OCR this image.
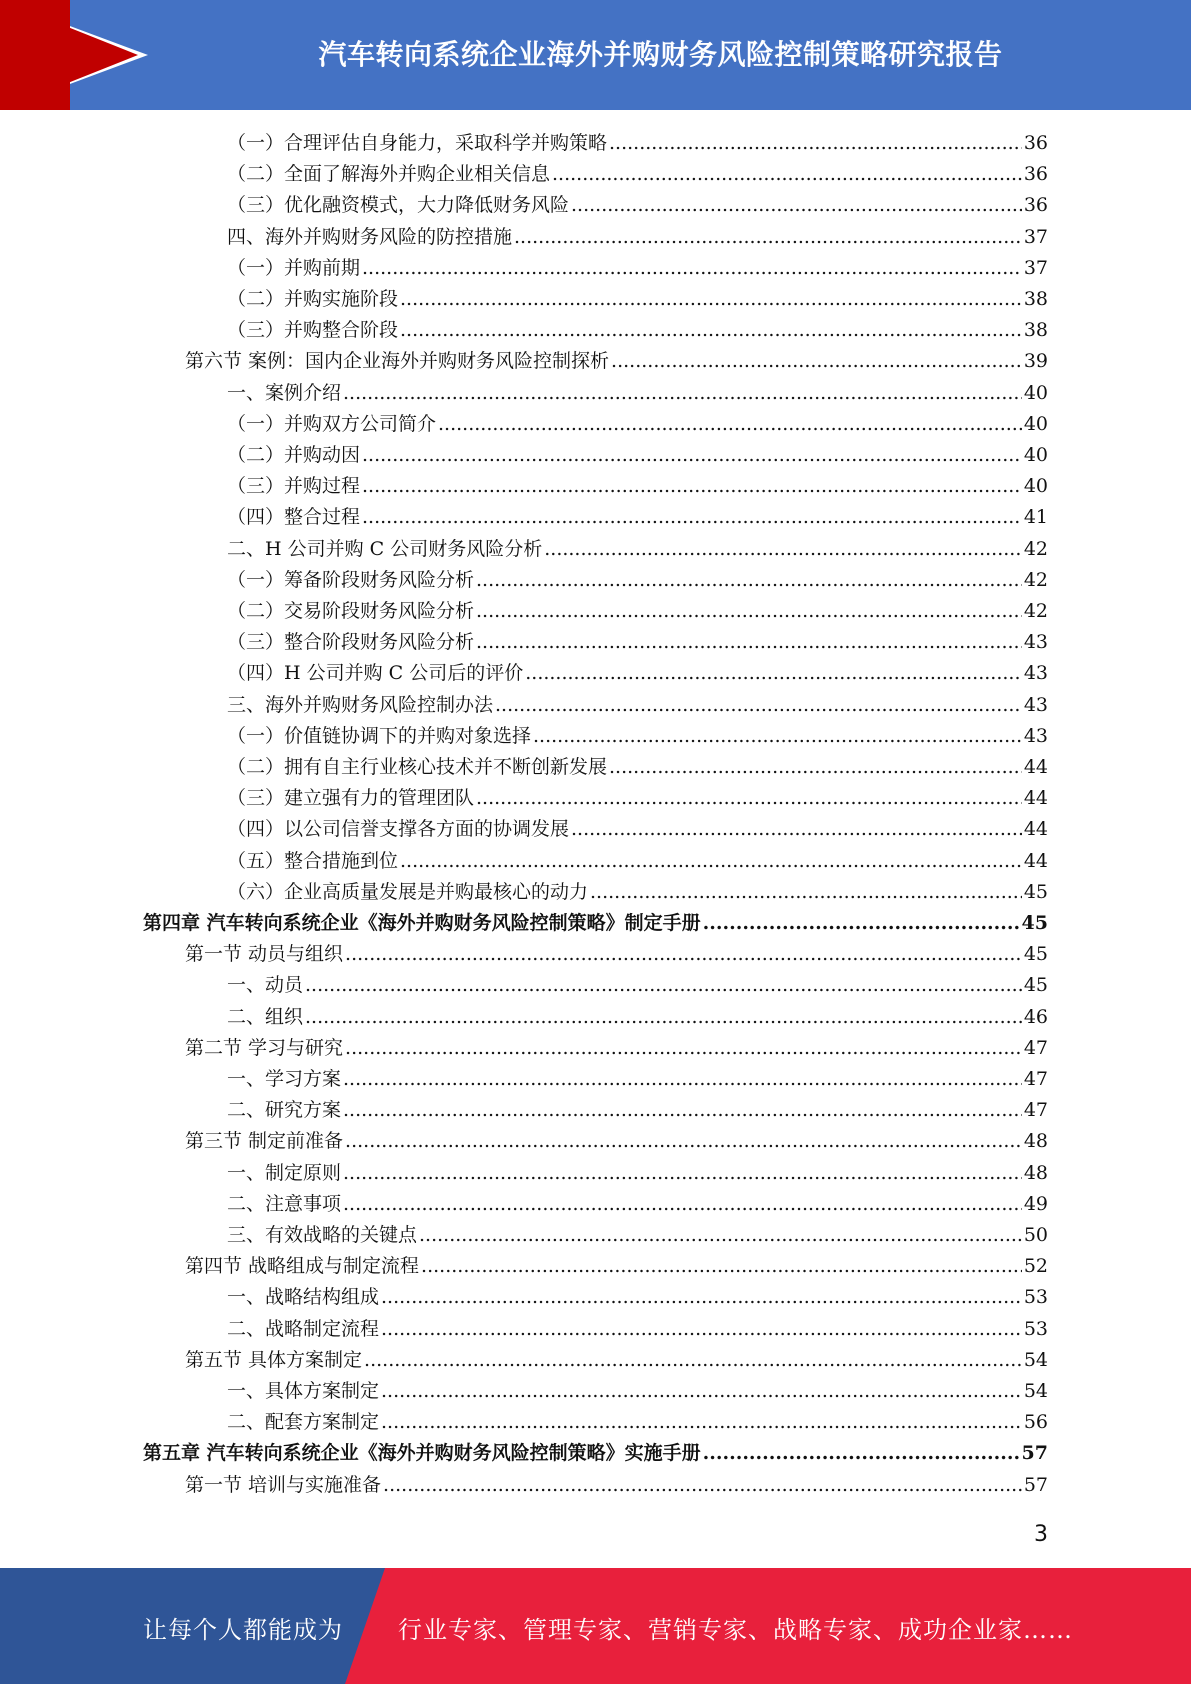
汽车转向系统企业海外并购财务风险控制策略研究报告
（一）合理评估自身能力，采取科学并购策略 .....	36
（二）全面了解海外并购企业相关信息 .....	36
（三）优化融资模式，大力降低财务风险 .....	36
四、海外并购财务风险的防控措施 .....	37
（一）并购前期 .....	37
（二）并购实施阶段 .....	38
（三）并购整合阶段 .....	38
第六节 案例：国内企业海外并购财务风险控制探析 .....	39
一、案例介绍 .....	40
（一）并购双方公司简介 .....	40
（二）并购动因 .....	40
（三）并购过程 .....	40
（四）整合过程 .....	41
二、H 公司并购 C 公司财务风险分析 .....	42
（一）筹备阶段财务风险分析 .....	42
（二）交易阶段财务风险分析 .....	42
（三）整合阶段财务风险分析 .....	43
（四）H 公司并购 C 公司后的评价 .....	43
三、海外并购财务风险控制办法 .....	43
（一）价值链协调下的并购对象选择 .....	43
（二）拥有自主行业核心技术并不断创新发展 .....	44
（三）建立强有力的管理团队 .....	44
（四）以公司信誉支撑各方面的协调发展 .....	44
（五）整合措施到位 .....	44
（六）企业高质量发展是并购最核心的动力 .....	45
第四章 汽车转向系统企业《海外并购财务风险控制策略》制定手册 .....	45
第一节 动员与组织 .....	45
一、动员 .....	45
二、组织 .....	46
第二节 学习与研究 .....	47
一、学习方案 .....	47
二、研究方案 .....	47
第三节 制定前准备 .....	48
一、制定原则 .....	48
二、注意事项 .....	49
三、有效战略的关键点 .....	50
第四节 战略组成与制定流程 .....	52
一、战略结构组成 .....	53
二、战略制定流程 .....	53
第五节 具体方案制定 .....	54
一、具体方案制定 .....	54
二、配套方案制定 .....	56
第五章 汽车转向系统企业《海外并购财务风险控制策略》实施手册 .....	57
第一节 培训与实施准备 .....	57
3
让每个人都能成为 行业专家、管理专家、营销专家、战略专家、成功企业家……
